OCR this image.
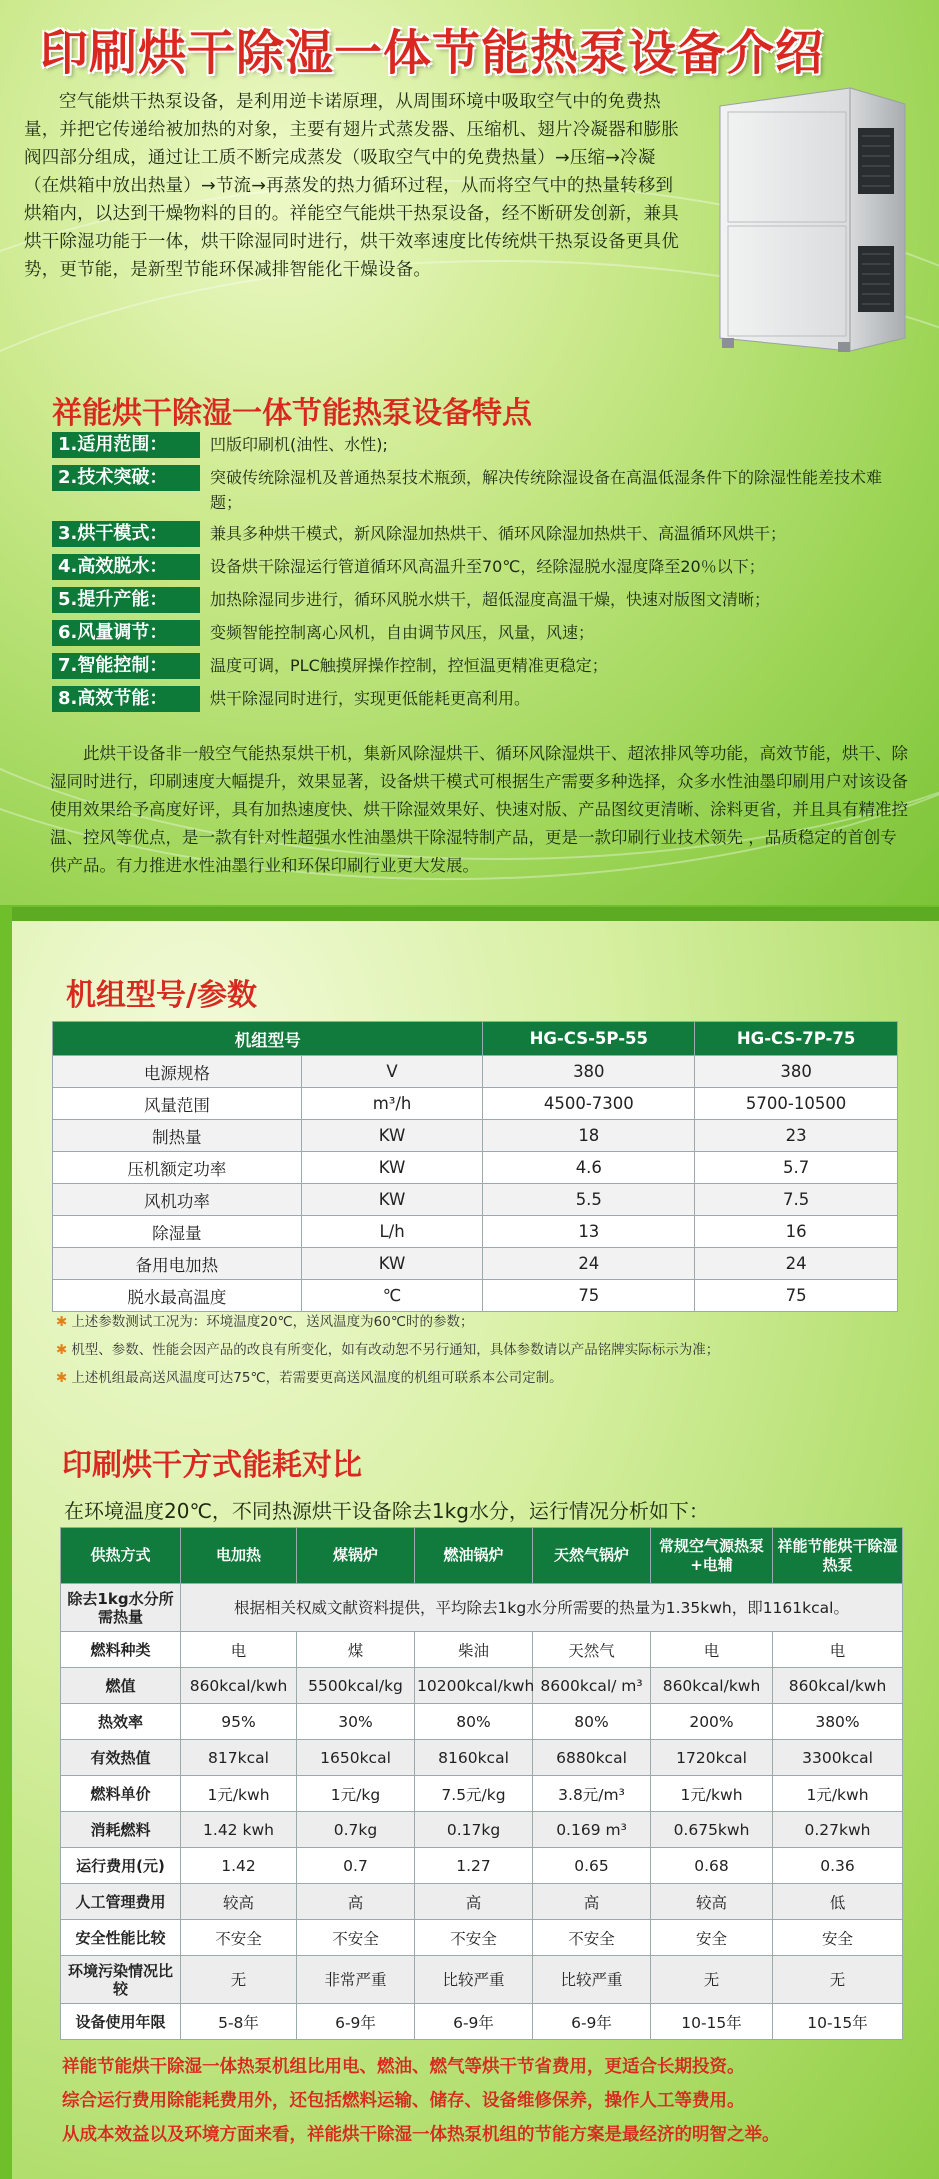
印刷烘干除湿一体节能热泵设备介绍

空气能烘干热泵设备，是利用逆卡诺原理，从周围环境中吸取空气中的免费热量，并把它传递给被加热的对象，主要有翅片式蒸发器、压缩机、翅片冷凝器和膨胀阀四部分组成，通过让工质不断完成蒸发（吸取空气中的免费热量）→压缩→冷凝（在烘箱中放出热量）→节流→再蒸发的热力循环过程，从而将空气中的热量转移到烘箱内，以达到干燥物料的目的。祥能空气能烘干热泵设备，经不断研发创新，兼具烘干除湿功能于一体，烘干除湿同时进行，烘干效率速度比传统烘干热泵设备更具优势，更节能，是新型节能环保减排智能化干燥设备。

祥能烘干除湿一体节能热泵设备特点
1.适用范围：	凹版印刷机(油性、水性);
2.技术突破：	突破传统除湿机及普通热泵技术瓶颈，解决传统除湿设备在高温低湿条件下的除湿性能差技术难题；
3.烘干模式：	兼具多种烘干模式，新风除湿加热烘干、循环风除湿加热烘干、高温循环风烘干；
4.高效脱水：	设备烘干除湿运行管道循环风高温升至70℃，经除湿脱水湿度降至20％以下；
5.提升产能：	加热除湿同步进行，循环风脱水烘干，超低湿度高温干燥，快速对版图文清晰；
6.风量调节：	变频智能控制离心风机，自由调节风压，风量，风速；
7.智能控制：	温度可调，PLC触摸屏操作控制，控恒温更精准更稳定；
8.高效节能：	烘干除湿同时进行，实现更低能耗更高利用。

此烘干设备非一般空气能热泵烘干机，集新风除湿烘干、循环风除湿烘干、超浓排风等功能，高效节能，烘干、除湿同时进行，印刷速度大幅提升，效果显著，设备烘干模式可根据生产需要多种选择，众多水性油墨印刷用户对该设备使用效果给予高度好评，具有加热速度快、烘干除湿效果好、快速对版、产品图纹更清晰、涂料更省，并且具有精准控温、控风等优点，是一款有针对性超强水性油墨烘干除湿特制产品，更是一款印刷行业技术领先 ，品质稳定的首创专供产品。有力推进水性油墨行业和环保印刷行业更大发展。

机组型号/参数
机组型号		HG-CS-5P-55	HG-CS-7P-75
电源规格	V	380	380
风量范围	m³/h	4500-7300	5700-10500
制热量	KW	18	23
压机额定功率	KW	4.6	5.7
风机功率	KW	5.5	7.5
除湿量	L/h	13	16
备用电加热	KW	24	24
脱水最高温度	℃	75	75
✱ 上述参数测试工况为：环境温度20℃，送风温度为60℃时的参数；
✱ 机型、参数、性能会因产品的改良有所变化，如有改动恕不另行通知，具体参数请以产品铭牌实际标示为准；
✱ 上述机组最高送风温度可达75℃，若需要更高送风温度的机组可联系本公司定制。
印刷烘干方式能耗对比
在环境温度20℃，不同热源烘干设备除去1kg水分，运行情况分析如下：
供热方式	电加热	煤锅炉	燃油锅炉	天然气锅炉	常规空气源热泵+电辅	祥能节能烘干除湿热泵
除去1kg水分所需热量	根据相关权威文献资料提供，平均除去1kg水分所需要的热量为1.35kwh，即1161kcal。					
燃料种类	电	煤	柴油	天然气	电	电
燃值	860kcal/kwh	5500kcal/kg	10200kcal/kwh	8600kcal/ m³	860kcal/kwh	860kcal/kwh
热效率	95%	30%	80%	80%	200%	380%
有效热值	817kcal	1650kcal	8160kcal	6880kcal	1720kcal	3300kcal
燃料单价	1元/kwh	1元/kg	7.5元/kg	3.8元/m³	1元/kwh	1元/kwh
消耗燃料	1.42 kwh	0.7kg	0.17kg	0.169 m³	0.675kwh	0.27kwh
运行费用(元)	1.42	0.7	1.27	0.65	0.68	0.36
人工管理费用	较高	高	高	高	较高	低
安全性能比较	不安全	不安全	不安全	不安全	安全	安全
环境污染情况比较	无	非常严重	比较严重	比较严重	无	无
设备使用年限	5-8年	6-9年	6-9年	6-9年	10-15年	10-15年
祥能节能烘干除湿一体热泵机组比用电、燃油、燃气等烘干节省费用，更适合长期投资。
综合运行费用除能耗费用外，还包括燃料运输、储存、设备维修保养，操作人工等费用。
从成本效益以及环境方面来看，祥能烘干除湿一体热泵机组的节能方案是最经济的明智之举。
